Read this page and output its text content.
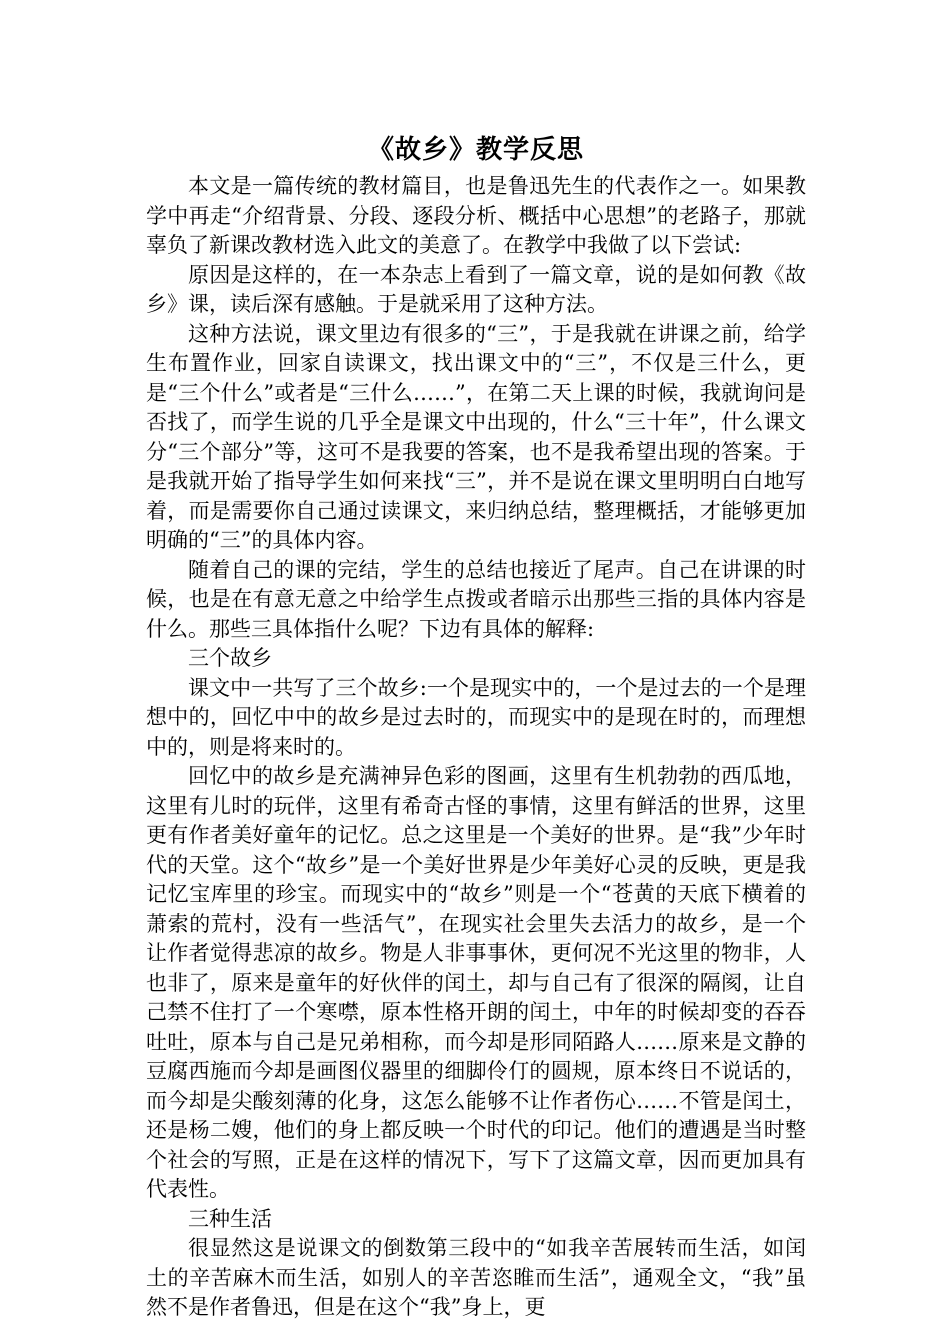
《故乡》教学反思

本文是一篇传统的教材篇目，也是鲁迅先生的代表作之一。如果教学中再走“介绍背景、分段、逐段分析、概括中心思想”的老路子，那就辜负了新课改教材选入此文的美意了。在教学中我做了以下尝试:

原因是这样的，在一本杂志上看到了一篇文章，说的是如何教《故乡》课，读后深有感触。于是就采用了这种方法。

这种方法说，课文里边有很多的“三”，于是我就在讲课之前，给学生布置作业，回家自读课文，找出课文中的“三”，不仅是三什么，更是“三个什么”或者是“三什么……”，在第二天上课的时候，我就询问是否找了，而学生说的几乎全是课文中出现的，什么“三十年”，什么课文分“三个部分”等，这可不是我要的答案，也不是我希望出现的答案。于是我就开始了指导学生如何来找“三”，并不是说在课文里明明白白地写着，而是需要你自己通过读课文，来归纳总结，整理概括，才能够更加明确的“三”的具体内容。

随着自己的课的完结，学生的总结也接近了尾声。自己在讲课的时候，也是在有意无意之中给学生点拨或者暗示出那些三指的具体内容是什么。那些三具体指什么呢？下边有具体的解释:

三个故乡

课文中一共写了三个故乡:一个是现实中的，一个是过去的一个是理想中的，回忆中中的故乡是过去时的，而现实中的是现在时的，而理想中的，则是将来时的。

回忆中的故乡是充满神异色彩的图画，这里有生机勃勃的西瓜地，这里有儿时的玩伴，这里有希奇古怪的事情，这里有鲜活的世界，这里更有作者美好童年的记忆。总之这里是一个美好的世界。是“我”少年时代的天堂。这个“故乡”是一个美好世界是少年美好心灵的反映，更是我记忆宝库里的珍宝。而现实中的“故乡”则是一个“苍黄的天底下横着的萧索的荒村，没有一些活气”，在现实社会里失去活力的故乡，是一个让作者觉得悲凉的故乡。物是人非事事休，更何况不光这里的物非，人也非了，原来是童年的好伙伴的闰土，却与自己有了很深的隔阂，让自己禁不住打了一个寒噤，原本性格开朗的闰土，中年的时候却变的吞吞吐吐，原本与自己是兄弟相称，而今却是形同陌路人……原来是文静的豆腐西施而今却是画图仪器里的细脚伶仃的圆规，原本终日不说话的，而今却是尖酸刻薄的化身，这怎么能够不让作者伤心……不管是闰土，还是杨二嫂，他们的身上都反映一个时代的印记。他们的遭遇是当时整个社会的写照，正是在这样的情况下，写下了这篇文章，因而更加具有代表性。

三种生活

很显然这是说课文的倒数第三段中的“如我辛苦展转而生活，如闰土的辛苦麻木而生活，如别人的辛苦恣睢而生活”，通观全文，“我”虽然不是作者鲁迅，但是在这个“我”身上，更
